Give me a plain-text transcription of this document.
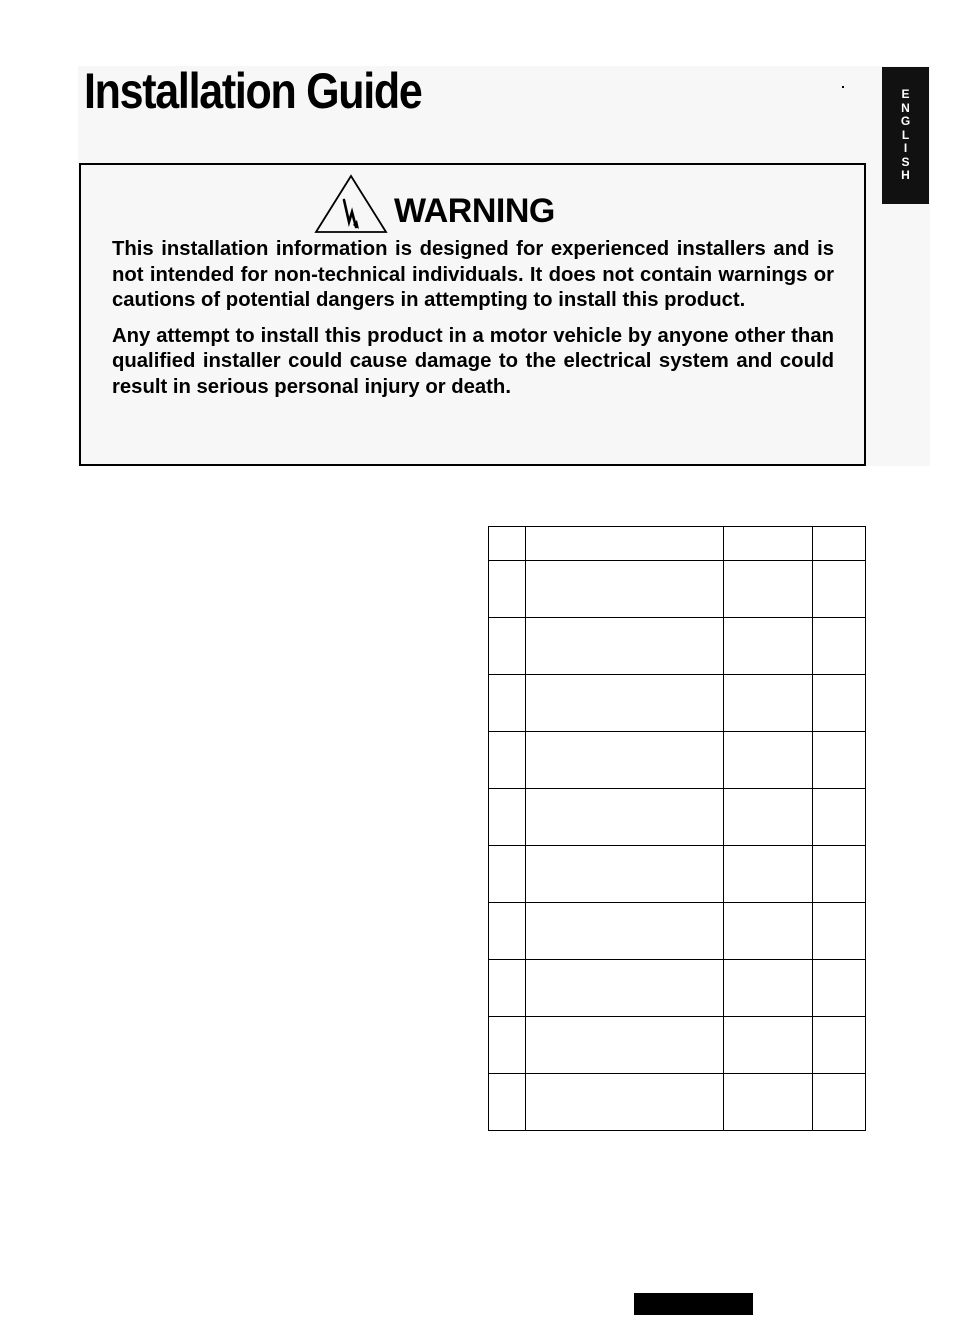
Installation Guide	E
N
G
L
I
S
H
WARNING

This installation information is designed for experienced installers and is not intended for non-technical individuals. It does not contain warnings or cautions of potential dangers in attempting to install this product.

Any attempt to install this product in a motor vehicle by anyone other than qualified installer could cause damage to the electrical system and could result in serious personal injury or death.
